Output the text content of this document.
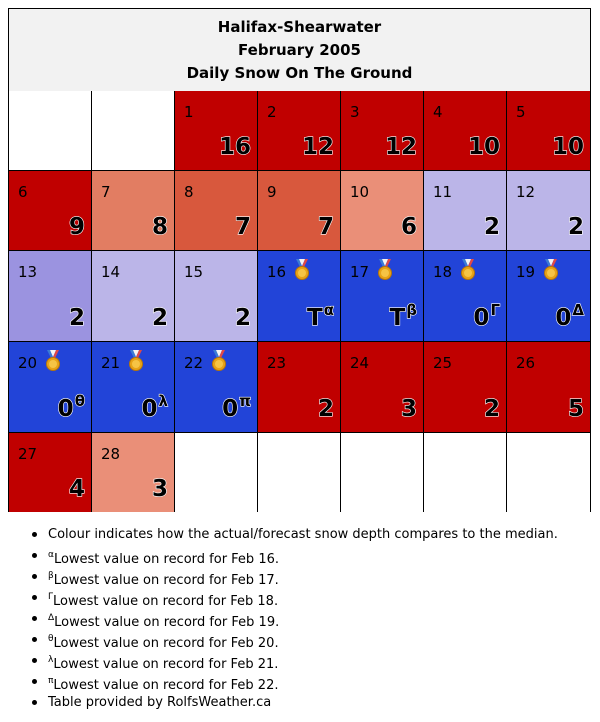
Halifax-Shearwater
February 2005
Daily Snow On The Ground
1
16
2
12
3
12
4
10
5
10
6
9
7
8
8
7
9
7
10
6
11
2
12
2
13
2
14
2
15
2
16
$T^\alpha$
17
$T^\beta$
18
$0^\Gamma$
19
$0^\Delta$
20
$0^\theta$
21
$0^\lambda$
22
$0^\pi$
23
2
24
3
25
2
26
5
27
4
28
3
Colour indicates how the actual/forecast snow depth compares to the median.
$^\alpha$Lowest value on record for Feb 16.
$^\beta$Lowest value on record for Feb 17.
$^\Gamma$Lowest value on record for Feb 18.
$^\Delta$Lowest value on record for Feb 19.
$^\theta$Lowest value on record for Feb 20.
$^\lambda$Lowest value on record for Feb 21.
$^\pi$Lowest value on record for Feb 22.
Table provided by RolfsWeather.ca
